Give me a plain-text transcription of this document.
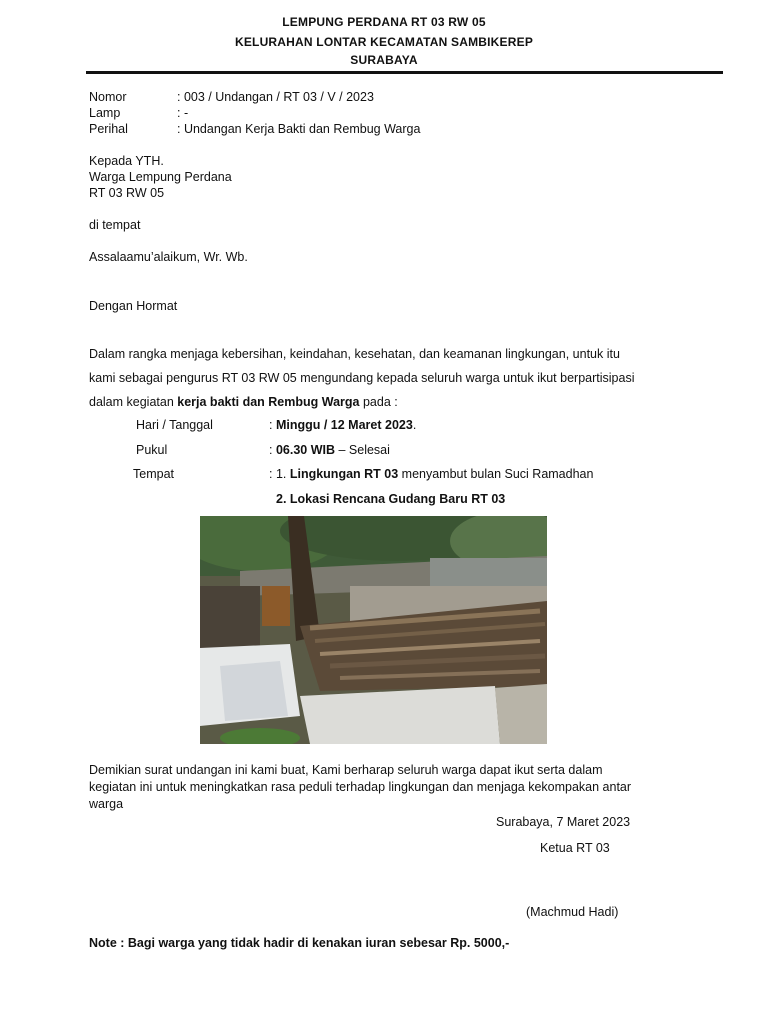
LEMPUNG PERDANA RT 03 RW 05
KELURAHAN LONTAR KECAMATAN SAMBIKEREP
SURABAYA
Nomor	: 003 / Undangan / RT 03 / V / 2023
Lamp	: -
Perihal	: Undangan Kerja Bakti dan Rembug Warga
Kepada YTH.
Warga Lempung Perdana
RT 03 RW 05
di tempat
Assalaamu’alaikum, Wr. Wb.
Dengan Hormat
Dalam rangka menjaga kebersihan, keindahan, kesehatan, dan keamanan lingkungan, untuk itu
kami sebagai pengurus RT 03 RW 05 mengundang kepada seluruh warga untuk ikut berpartisipasi
dalam kegiatan kerja bakti dan Rembug Warga pada :
Hari / Tanggal	: Minggu / 12 Maret 2023.
Pukul	: 06.30 WIB – Selesai
Tempat	: 1. Lingkungan RT 03 menyambut bulan Suci Ramadhan
2. Lokasi Rencana Gudang Baru RT 03
Demikian surat undangan ini kami buat, Kami berharap seluruh warga dapat ikut serta dalam
kegiatan ini untuk meningkatkan rasa peduli terhadap lingkungan dan menjaga kekompakan antar
warga
Surabaya, 7 Maret 2023
Ketua RT 03
(Machmud Hadi)
Note : Bagi warga yang tidak hadir di kenakan iuran sebesar Rp. 5000,-
